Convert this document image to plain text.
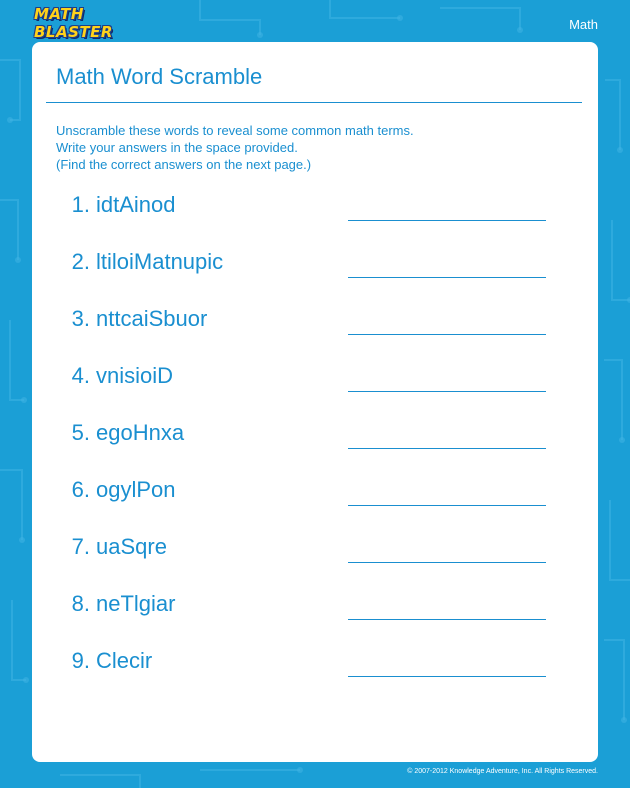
MATH BLASTER	Math
Math Word Scramble
Unscramble these words to reveal some common math terms.
Write your answers in the space provided.
(Find the correct answers on the next page.)
1. idtAinod
2. ltiloiMatnupic
3. nttcaiSbuor
4. vnisioiD
5. egoHnxa
6. ogylPon
7. uaSqre
8. neTlgiar
9. Clecir
© 2007-2012 Knowledge Adventure, Inc. All Rights Reserved.
